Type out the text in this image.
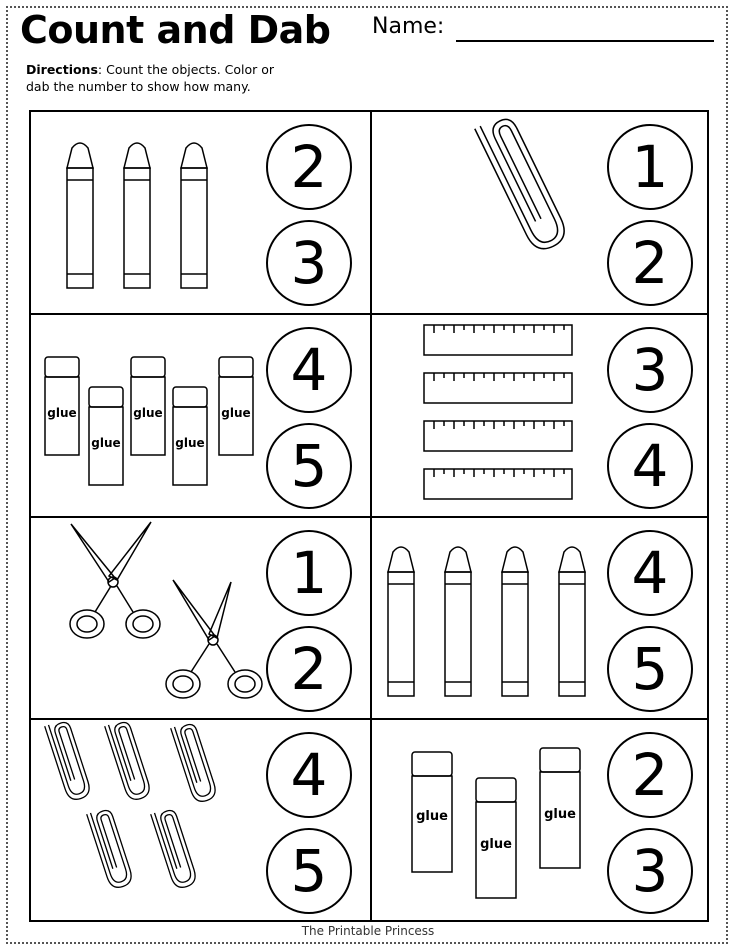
Count and Dab Name:
Directions: Count the objects. Color or
dab the number to show how many.
2
3
1
2
glue
glue
glue
glue
glue
4
5
3
4
1
2
4
5
4
5
glue
glue
glue
2
3
The Printable Princess
